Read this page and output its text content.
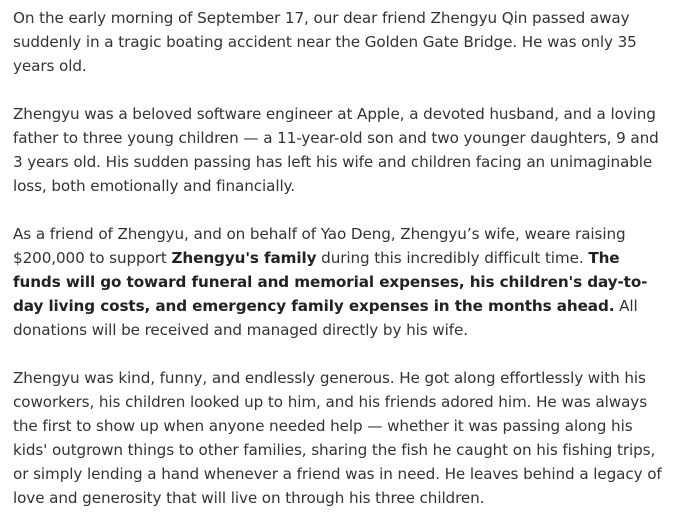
On the early morning of September 17, our dear friend Zhengyu Qin passed away suddenly in a tragic boating accident near the Golden Gate Bridge. He was only 35 years old.

Zhengyu was a beloved software engineer at Apple, a devoted husband, and a loving father to three young children — a 11-year-old son and two younger daughters, 9 and 3 years old. His sudden passing has left his wife and children facing an unimaginable loss, both emotionally and financially.

As a friend of Zhengyu, and on behalf of Yao Deng, Zhengyu’s wife, weare raising $200,000 to support Zhengyu's family during this incredibly difficult time. The funds will go toward funeral and memorial expenses, his children's day-to-day living costs, and emergency family expenses in the months ahead. All donations will be received and managed directly by his wife.

Zhengyu was kind, funny, and endlessly generous. He got along effortlessly with his coworkers, his children looked up to him, and his friends adored him. He was always the first to show up when anyone needed help — whether it was passing along his kids' outgrown things to other families, sharing the fish he caught on his fishing trips, or simply lending a hand whenever a friend was in need. He leaves behind a legacy of love and generosity that will live on through his three children.
